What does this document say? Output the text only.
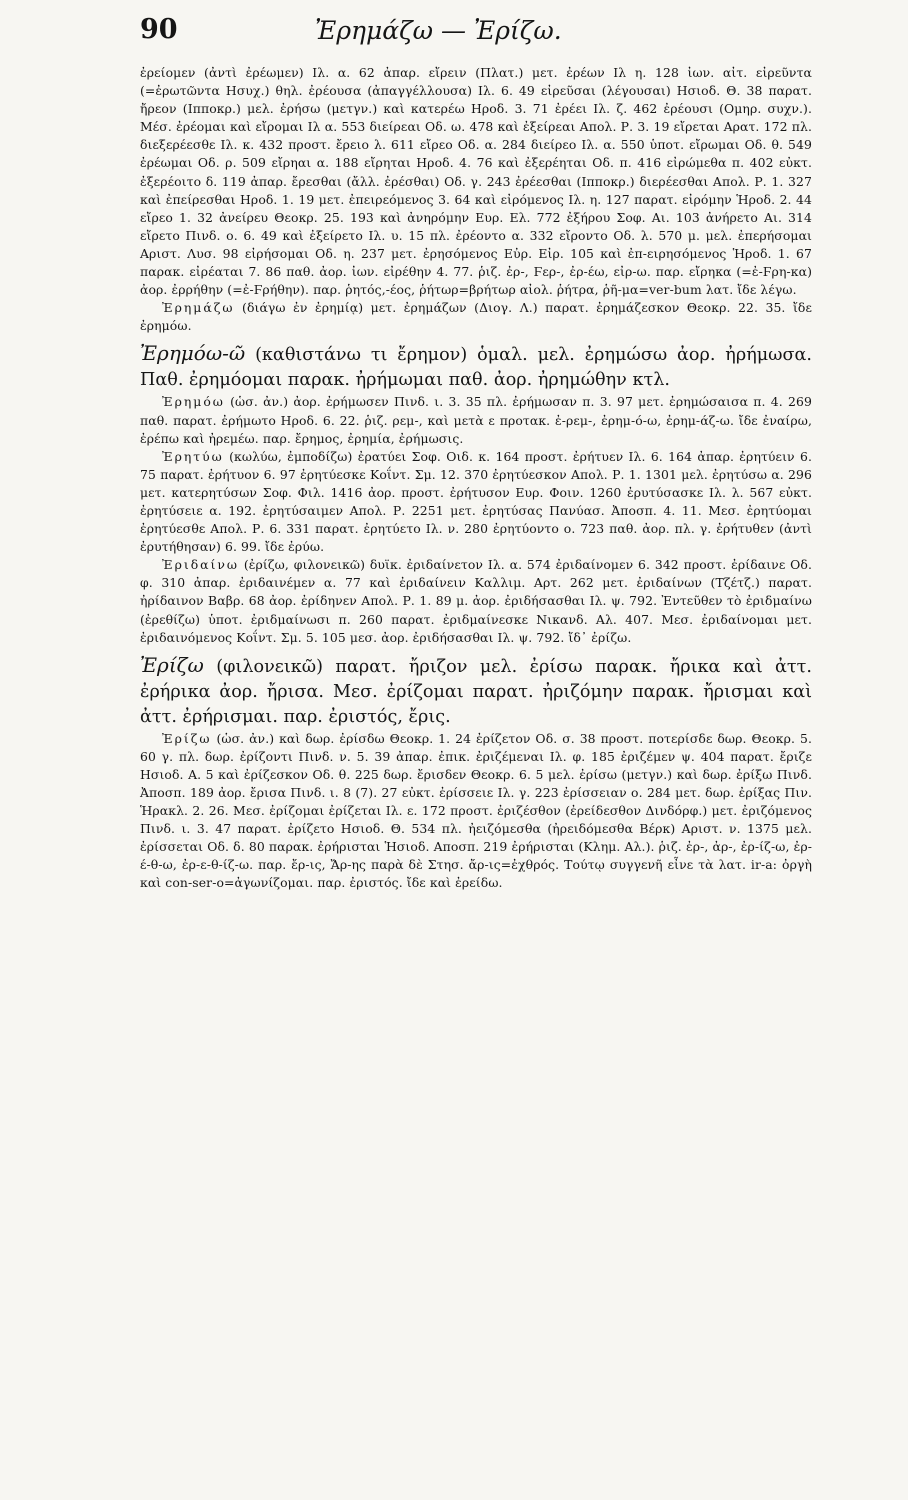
90	Ἐρημάζω — Ἐρίζω.

ἐρείομεν (ἀντὶ ἐρέωμεν) Ιλ. α. 62 ἀπαρ. εἴρειν (Πλατ.) μετ. ἐρέων Ιλ η. 128 ἰων. αἰτ. εἰρεῦντα (=ἐρωτῶντα Ησυχ.) θηλ. ἐρέουσα (ἀπαγγέλλουσα) Ιλ. 6. 49 εἰρεῦσαι (λέγουσαι) Ησιοδ. Θ. 38 παρατ. ἤρεον (Ιπποκρ.) μελ. ἐρήσω (μετγν.) καὶ κατερέω Ηροδ. 3. 71 ἐρέει Ιλ. ζ. 462 ἐρέουσι (Ομηρ. συχν.). Μέσ. ἐρέομαι καὶ εἴρομαι Ιλ α. 553 διείρεαι Οδ. ω. 478 καὶ ἐξείρεαι Απολ. Ρ. 3. 19 εἴρεται Αρατ. 172 πλ. διεξερέεσθε Ιλ. κ. 432 προστ. ἔρειο λ. 611 εἴρεο Οδ. α. 284 διείρεο Ιλ. α. 550 ὑποτ. εἴρωμαι Οδ. θ. 549 ἐρέωμαι Οδ. ρ. 509 εἴρηαι α. 188 εἴρηται Ηροδ. 4. 76 καὶ ἐξερέηται Οδ. π. 416 εἰρώμεθα π. 402 εὐκτ. ἐξερέοιτο δ. 119 ἀπαρ. ἔρεσθαι (ἄλλ. ἐρέσθαι) Οδ. γ. 243 ἐρέεσθαι (Ιπποκρ.) διερέεσθαι Απολ. Ρ. 1. 327 καὶ ἐπείρεσθαι Ηροδ. 1. 19 μετ. ἐπειρεόμενος 3. 64 καὶ εἰρόμενος Ιλ. η. 127 παρατ. εἰρόμην Ἡροδ. 2. 44 εἴρεο 1. 32 ἀνείρευ Θεοκρ. 25. 193 καὶ ἀνηρόμην Ευρ. Ελ. 772 ἐξήρου Σοφ. Αι. 103 ἀνήρετο Αι. 314 εἴρετο Πινδ. ο. 6. 49 καὶ ἐξείρετο Ιλ. υ. 15 πλ. ἐρέοντο α. 332 εἴροντο Οδ. λ. 570 μ. μελ. ἐπερήσομαι Αριστ. Λυσ. 98 εἰρήσομαι Οδ. η. 237 μετ. ἐρησόμενος Εὐρ. Εἰρ. 105 καὶ ἐπ-ειρησόμενος Ἡροδ. 1. 67 παρακ. εἰρέαται 7. 86 παθ. ἀορ. ἰων. εἰρέθην 4. 77. ῥιζ. ἐρ-, Ϝερ-, ἐρ-έω, εἰρ-ω. παρ. εἴρηκα (=ἐ-Ϝρη-κα) ἀορ. ἐρρήθην (=ἐ-Ϝρήθην). παρ. ῥητός,-έος, ῥήτωρ=βρήτωρ αἰολ. ῥήτρα, ῥῆ-μα=ver-bum λατ. ἴδε λέγω.

Ἐρημάζω (διάγω ἐν ἐρημίᾳ) μετ. ἐρημάζων (Διογ. Λ.) παρατ. ἐρημάζεσκον Θεοκρ. 22. 35. ἴδε ἐρημόω.

Ἐρημόω-ῶ (καθιστάνω τι ἔρημον) ὁμαλ. μελ. ἐρημώσω ἀορ. ἠρήμωσα. Παθ. ἐρημόομαι παρακ. ἠρήμωμαι παθ. ἀορ. ἠρημώθην κτλ.

Ἐρημόω (ὡσ. ἀν.) ἀορ. ἐρήμωσεν Πινδ. ι. 3. 35 πλ. ἐρήμωσαν π. 3. 97 μετ. ἐρημώσαισα π. 4. 269 παθ. παρατ. ἐρήμωτο Ηροδ. 6. 22. ῥιζ. ρεμ-, καὶ μετὰ ε προτακ. ἐ-ρεμ-, ἐρημ-ό-ω, ἐρημ-άζ-ω. ἴδε ἐναίρω, ἐρέπω καὶ ἠρεμέω. παρ. ἔρημος, ἐρημία, ἐρήμωσις.

Ἐρητύω (κωλύω, ἐμποδίζω) ἐρατύει Σοφ. Οιδ. κ. 164 προστ. ἐρήτυεν Ιλ. 6. 164 ἀπαρ. ἐρητύειν 6. 75 παρατ. ἐρήτυον 6. 97 ἐρητύεσκε Κοΐντ. Σμ. 12. 370 ἐρητύεσκον Απολ. Ρ. 1. 1301 μελ. ἐρητύσω α. 296 μετ. κατερητύσων Σοφ. Φιλ. 1416 ἀορ. προστ. ἐρήτυσον Ευρ. Φοιν. 1260 ἐρυτύσασκε Ιλ. λ. 567 εὐκτ. ἐρητύσειε α. 192. ἐρητύσαιμεν Απολ. Ρ. 2251 μετ. ἐρητύσας Πανύασ. Ἀποσπ. 4. 11. Μεσ. ἐρητύομαι ἐρητύεσθε Απολ. Ρ. 6. 331 παρατ. ἐρητύετο Ιλ. ν. 280 ἐρητύοντο ο. 723 παθ. ἀορ. πλ. γ. ἐρήτυθεν (ἀντὶ ἐρυτήθησαν) 6. 99. ἴδε ἐρύω.

Ἐριδαίνω (ἐρίζω, φιλονεικῶ) δυϊκ. ἐριδαίνετον Ιλ. α. 574 ἐριδαίνομεν 6. 342 προστ. ἐρίδαινε Οδ. φ. 310 ἀπαρ. ἐριδαινέμεν α. 77 καὶ ἐριδαίνειν Καλλιμ. Αρτ. 262 μετ. ἐριδαίνων (Τζέτζ.) παρατ. ἠρίδαινον Βαβρ. 68 ἀορ. ἐρίδηνεν Απολ. Ρ. 1. 89 μ. ἀορ. ἐριδήσασθαι Ιλ. ψ. 792. Ἐντεῦθεν τὸ ἐριδμαίνω (ἐρεθίζω) ὑποτ. ἐριδμαίνωσι π. 260 παρατ. ἐριδμαίνεσκε Νικανδ. Αλ. 407. Μεσ. ἐριδαίνομαι μετ. ἐριδαινόμενος Κοΐντ. Σμ. 5. 105 μεσ. ἀορ. ἐριδήσασθαι Ιλ. ψ. 792. ἴδ᾽ ἐρίζω.

Ἐρίζω (φιλονεικῶ) παρατ. ἤριζον μελ. ἐρίσω παρακ. ἤρικα καὶ ἀττ. ἐρήρικα ἀορ. ἤρισα. Μεσ. ἐρίζομαι παρατ. ἠριζόμην παρακ. ἤρισμαι καὶ ἀττ. ἐρήρισμαι. παρ. ἐριστός, ἔρις.

Ἐρίζω (ὡσ. ἀν.) καὶ δωρ. ἐρίσδω Θεοκρ. 1. 24 ἐρίζετον Οδ. σ. 38 προστ. ποτερίσδε δωρ. Θεοκρ. 5. 60 γ. πλ. δωρ. ἐρίζοντι Πινδ. ν. 5. 39 ἀπαρ. ἐπικ. ἐριζέμεναι Ιλ. φ. 185 ἐριζέμεν ψ. 404 παρατ. ἔριζε Ησιοδ. Α. 5 καὶ ἐρίζεσκον Οδ. θ. 225 δωρ. ἔρισδεν Θεοκρ. 6. 5 μελ. ἐρίσω (μετγν.) καὶ δωρ. ἐρίξω Πινδ. Ἀποσπ. 189 ἀορ. ἔρισα Πινδ. ι. 8 (7). 27 εὐκτ. ἐρίσσειε Ιλ. γ. 223 ἐρίσσειαν ο. 284 μετ. δωρ. ἐρίξας Πιν. Ἡρακλ. 2. 26. Μεσ. ἐρίζομαι ἐρίζεται Ιλ. ε. 172 προστ. ἐριζέσθον (ἐρείδεσθον Δινδόρφ.) μετ. ἐριζόμενος Πινδ. ι. 3. 47 παρατ. ἐρίζετο Ησιοδ. Θ. 534 πλ. ἠειζόμεσθα (ἠρειδόμεσθα Βέρκ) Αριστ. ν. 1375 μελ. ἐρίσσεται Οδ. δ. 80 παρακ. ἐρήρισται Ἡσιοδ. Αποσπ. 219 ἐρήρισται (Κλημ. Αλ.). ῥιζ. ἐρ-, ἀρ-, ἐρ-ίζ-ω, ἐρ-έ-θ-ω, ἐρ-ε-θ-ίζ-ω. παρ. ἔρ-ις, Ἄρ-ης παρὰ δὲ Στησ. ἄρ-ις=ἐχθρός. Τούτῳ συγγενῆ εἶνε τὰ λατ. ir-a: ὀργὴ καὶ con-ser-o=ἀγωνίζομαι. παρ. ἐριστός. ἴδε καὶ ἐρείδω.
